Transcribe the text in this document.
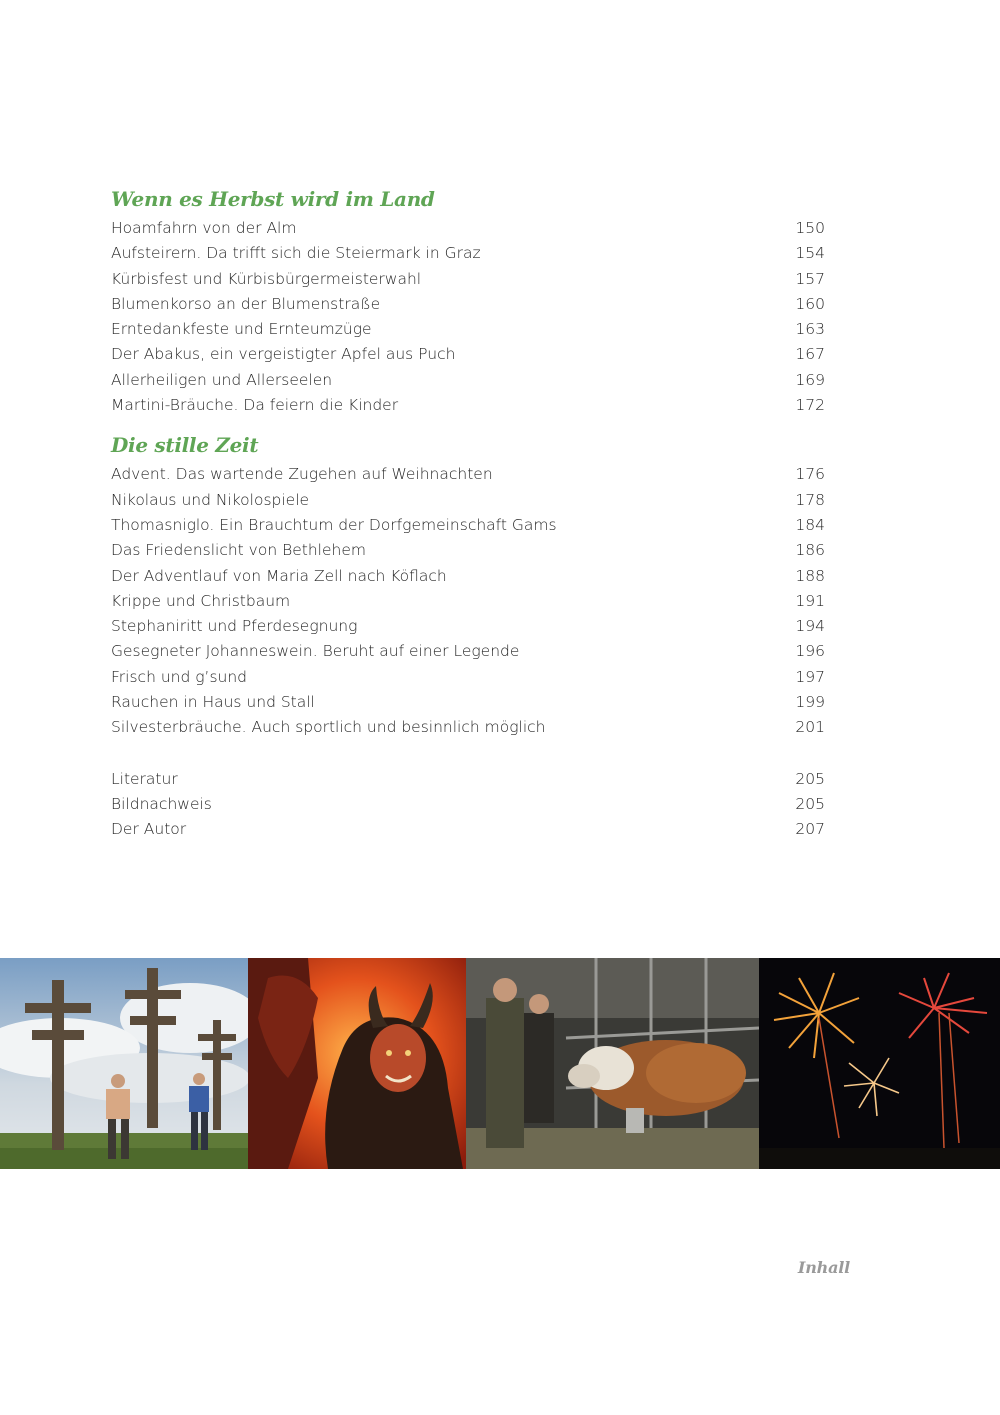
Wenn es Herbst wird im Land
Hoamfahrn von der Alm	150
Aufsteirern. Da trifft sich die Steiermark in Graz	154
Kürbisfest und Kürbisbürgermeisterwahl	157
Blumenkorso an der Blumenstraße	160
Erntedankfeste und Ernteumzüge	163
Der Abakus, ein vergeistigter Apfel aus Puch	167
Allerheiligen und Allerseelen	169
Martini-Bräuche. Da feiern die Kinder	172
Die stille Zeit
Advent. Das wartende Zugehen auf Weihnachten	176
Nikolaus und Nikolospiele	178
Thomasniglo. Ein Brauchtum der Dorfgemeinschaft Gams	184
Das Friedenslicht von Bethlehem	186
Der Adventlauf von Maria Zell nach Köflach	188
Krippe und Christbaum	191
Stephaniritt und Pferdesegnung	194
Gesegneter Johanneswein. Beruht auf einer Legende	196
Frisch und g’sund	197
Rauchen in Haus und Stall	199
Silvesterbräuche. Auch sportlich und besinnlich möglich	201
Literatur	205
Bildnachweis	205
Der Autor	207
Inhall
